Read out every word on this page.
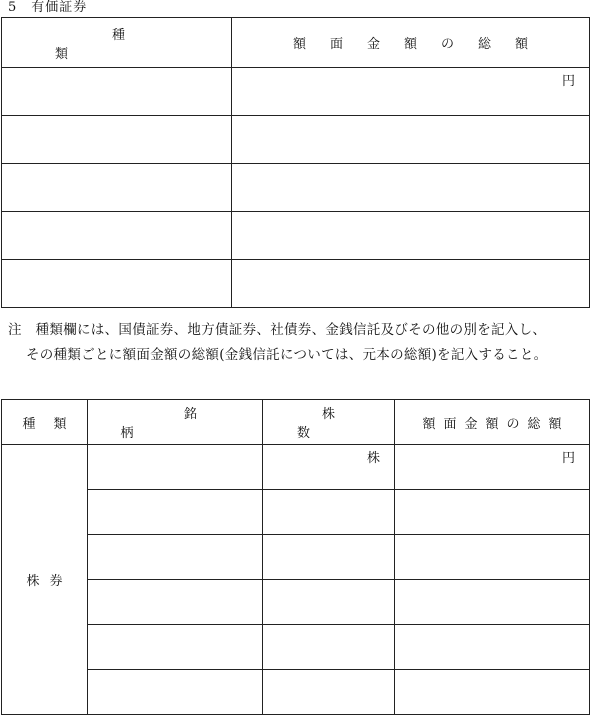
5　有価証券
種類	額面金額の総額

	円

注　種類欄には、国債証券、地方債証券、社債券、金銭信託及びその他の別を記入し、
その種類ごとに額面金額の総額(金銭信託については、元本の総額)を記入すること。
種類	銘柄	株数	額面金額の総額
株券		株	円
